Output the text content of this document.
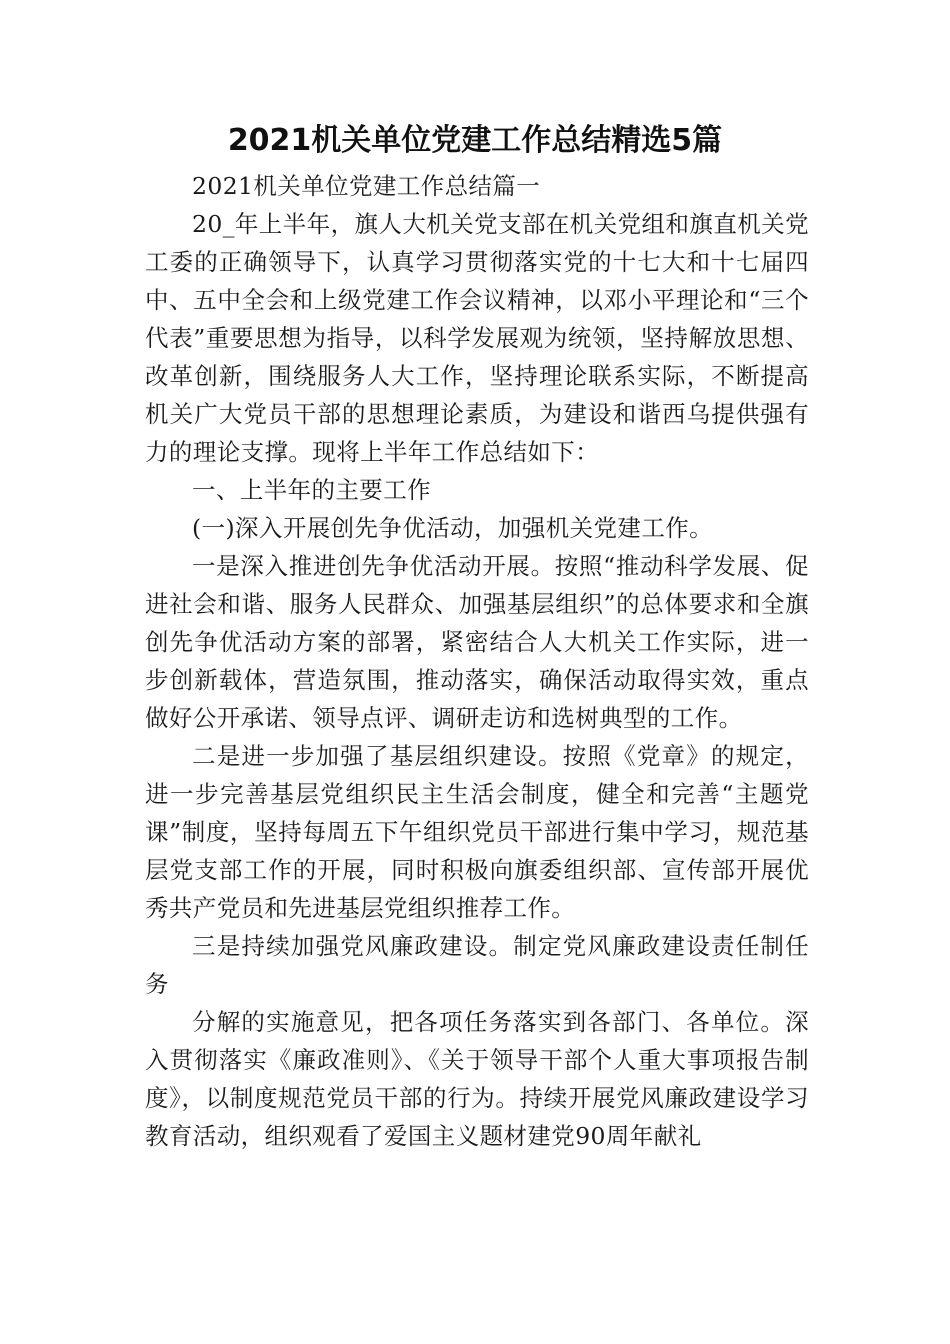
2021机关单位党建工作总结精选5篇

2021机关单位党建工作总结篇一

20_年上半年，旗人大机关党支部在机关党组和旗直机关党工委的正确领导下，认真学习贯彻落实党的十七大和十七届四中、五中全会和上级党建工作会议精神，以邓小平理论和“三个代表”重要思想为指导，以科学发展观为统领，坚持解放思想、改革创新，围绕服务人大工作，坚持理论联系实际，不断提高机关广大党员干部的思想理论素质，为建设和谐西乌提供强有力的理论支撑。现将上半年工作总结如下：

一、上半年的主要工作

(一)深入开展创先争优活动，加强机关党建工作。

一是深入推进创先争优活动开展。按照“推动科学发展、促进社会和谐、服务人民群众、加强基层组织”的总体要求和全旗创先争优活动方案的部署，紧密结合人大机关工作实际，进一步创新载体，营造氛围，推动落实，确保活动取得实效，重点做好公开承诺、领导点评、调研走访和选树典型的工作。

二是进一步加强了基层组织建设。按照《党章》的规定，进一步完善基层党组织民主生活会制度，健全和完善“主题党课”制度，坚持每周五下午组织党员干部进行集中学习，规范基层党支部工作的开展，同时积极向旗委组织部、宣传部开展优秀共产党员和先进基层党组织推荐工作。

三是持续加强党风廉政建设。制定党风廉政建设责任制任务

分解的实施意见，把各项任务落实到各部门、各单位。深入贯彻落实《廉政准则》、《关于领导干部个人重大事项报告制度》，以制度规范党员干部的行为。持续开展党风廉政建设学习教育活动，组织观看了爱国主义题材建党90周年献礼
